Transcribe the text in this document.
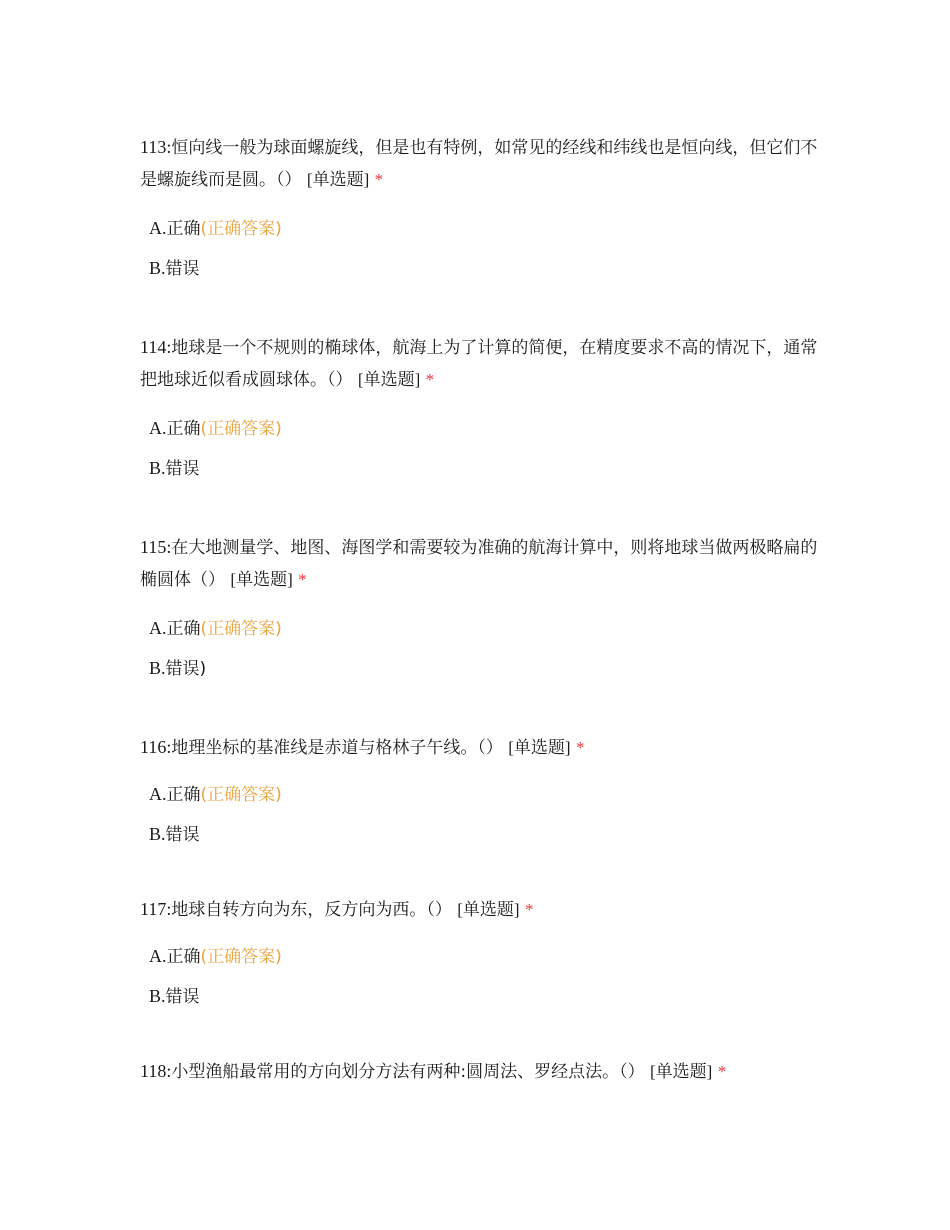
113:恒向线一般为球面螺旋线，但是也有特例，如常见的经线和纬线也是恒向线，但它们不是螺旋线而是圆。（） [单选题] *

A.正确(正确答案)
B.错误

114:地球是一个不规则的椭球体，航海上为了计算的简便，在精度要求不高的情况下，通常把地球近似看成圆球体。（） [单选题] *

A.正确(正确答案)
B.错误

115:在大地测量学、地图、海图学和需要较为准确的航海计算中，则将地球当做两极略扁的椭圆体（） [单选题] *

A.正确(正确答案)
B.错误)

116:地理坐标的基准线是赤道与格林子午线。（） [单选题] *

A.正确(正确答案)
B.错误

117:地球自转方向为东，反方向为西。（） [单选题] *

A.正确(正确答案)
B.错误

118:小型渔船最常用的方向划分方法有两种:圆周法、罗经点法。（） [单选题] *
